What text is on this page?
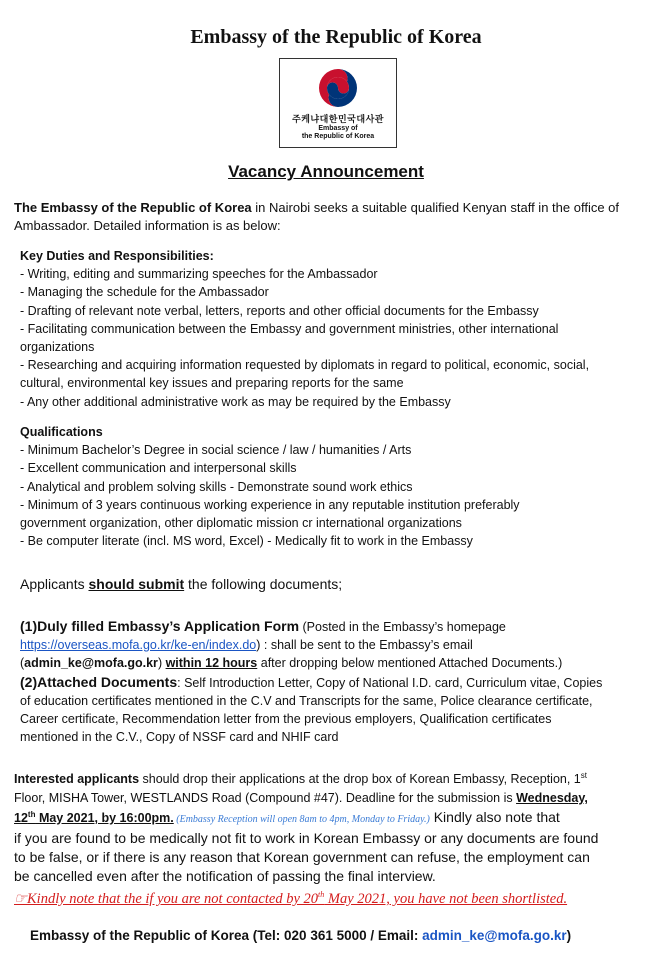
Embassy of the Republic of Korea
주케냐대한민국대사관
Embassy of
the Republic of Korea
Vacancy Announcement
The Embassy of the Republic of Korea in Nairobi seeks a suitable qualified Kenyan staff in the office of
Ambassador. Detailed information is as below:
Key Duties and Responsibilities:
- Writing, editing and summarizing speeches for the Ambassador
- Managing the schedule for the Ambassador
- Drafting of relevant note verbal, letters, reports and other official documents for the Embassy
- Facilitating communication between the Embassy and government ministries, other international
organizations
- Researching and acquiring information requested by diplomats in regard to political, economic, social,
cultural, environmental key issues and preparing reports for the same
- Any other additional administrative work as may be required by the Embassy
Qualifications
- Minimum Bachelor’s Degree in social science / law / humanities / Arts
- Excellent communication and interpersonal skills
- Analytical and problem solving skills - Demonstrate sound work ethics
- Minimum of 3 years continuous working experience in any reputable institution preferably
government organization, other diplomatic mission cr international organizations
- Be computer literate (incl. MS word, Excel) - Medically fit to work in the Embassy
Applicants should submit the following documents;
(1)Duly filled Embassy’s Application Form (Posted in the Embassy’s homepage
https://overseas.mofa.go.kr/ke-en/index.do) : shall be sent to the Embassy’s email
(admin_ke@mofa.go.kr) within 12 hours after dropping below mentioned Attached Documents.)
(2)Attached Documents: Self Introduction Letter, Copy of National I.D. card, Curriculum vitae, Copies
of education certificates mentioned in the C.V and Transcripts for the same, Police clearance certificate,
Career certificate, Recommendation letter from the previous employers, Qualification certificates
mentioned in the C.V., Copy of NSSF card and NHIF card
Interested applicants should drop their applications at the drop box of Korean Embassy, Reception, 1st
Floor, MISHA Tower, WESTLANDS Road (Compound #47). Deadline for the submission is Wednesday,
12th May 2021, by 16:00pm. (Embassy Reception will open 8am to 4pm, Monday to Friday.) Kindly also note that
if you are found to be medically not fit to work in Korean Embassy or any documents are found
to be false, or if there is any reason that Korean government can refuse, the employment can
be cancelled even after the notification of passing the final interview.
☞Kindly note that the if you are not contacted by 20th May 2021, you have not been shortlisted.
Embassy of the Republic of Korea (Tel: 020 361 5000 / Email: admin_ke@mofa.go.kr)
